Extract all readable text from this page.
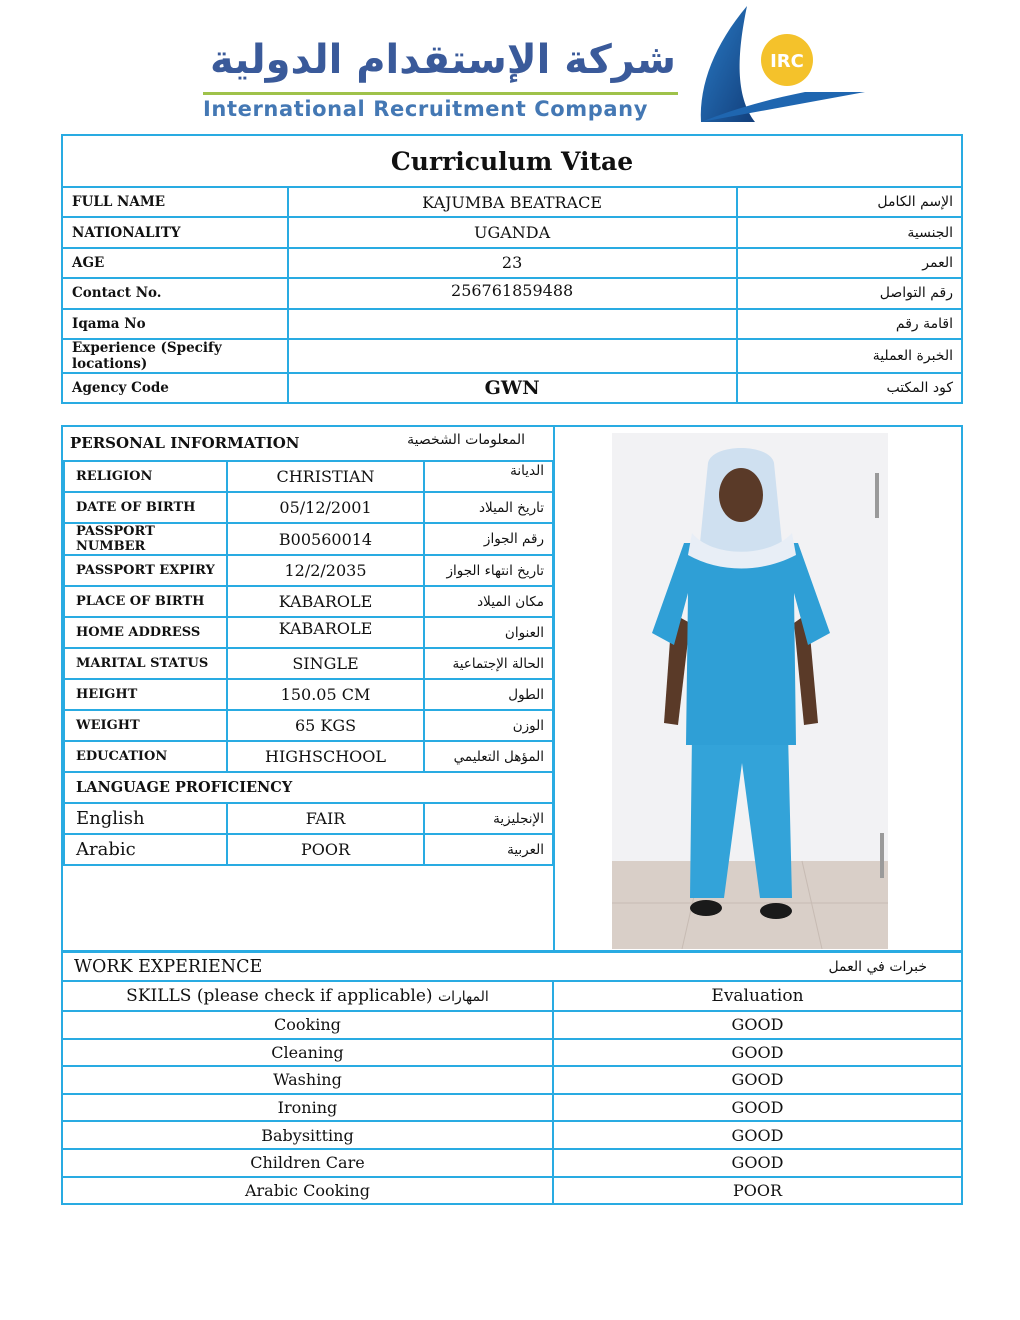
شركة الإستقدام الدولية
International Recruitment Company
IRC
Curriculum Vitae		
FULL NAME	KAJUMBA BEATRACE	الإسم الكامل
NATIONALITY	UGANDA	الجنسية
AGE	23	العمر
Contact No.	256761859488	رقم التواصل
Iqama No		اقامة رقم
Experience (Specify locations)		الخبرة العملية
Agency Code	GWN	كود المكتب
PERSONAL INFORMATION	المعلومات الشخصية
RELIGION	CHRISTIAN	الديانة
DATE OF BIRTH	05/12/2001	تاريخ الميلاد
PASSPORT NUMBER	B00560014	رقم الجواز
PASSPORT EXPIRY	12/2/2035	تاريخ انتهاء الجواز
PLACE OF BIRTH	KABAROLE	مكان الميلاد
HOME ADDRESS	KABAROLE	العنوان
MARITAL STATUS	SINGLE	الحالة الإجتماعية
HEIGHT	150.05 CM	الطول
WEIGHT	65 KGS	الوزن
EDUCATION	HIGHSCHOOL	المؤهل التعليمي
LANGUAGE PROFICIENCY		
English	FAIR	الإنجليزية
Arabic	POOR	العربية
WORK EXPERIENCE	خبرات في العمل
SKILLS (please check if applicable) المهارات	Evaluation
Cooking	GOOD
Cleaning	GOOD
Washing	GOOD
Ironing	GOOD
Babysitting	GOOD
Children Care	GOOD
Arabic Cooking	POOR
